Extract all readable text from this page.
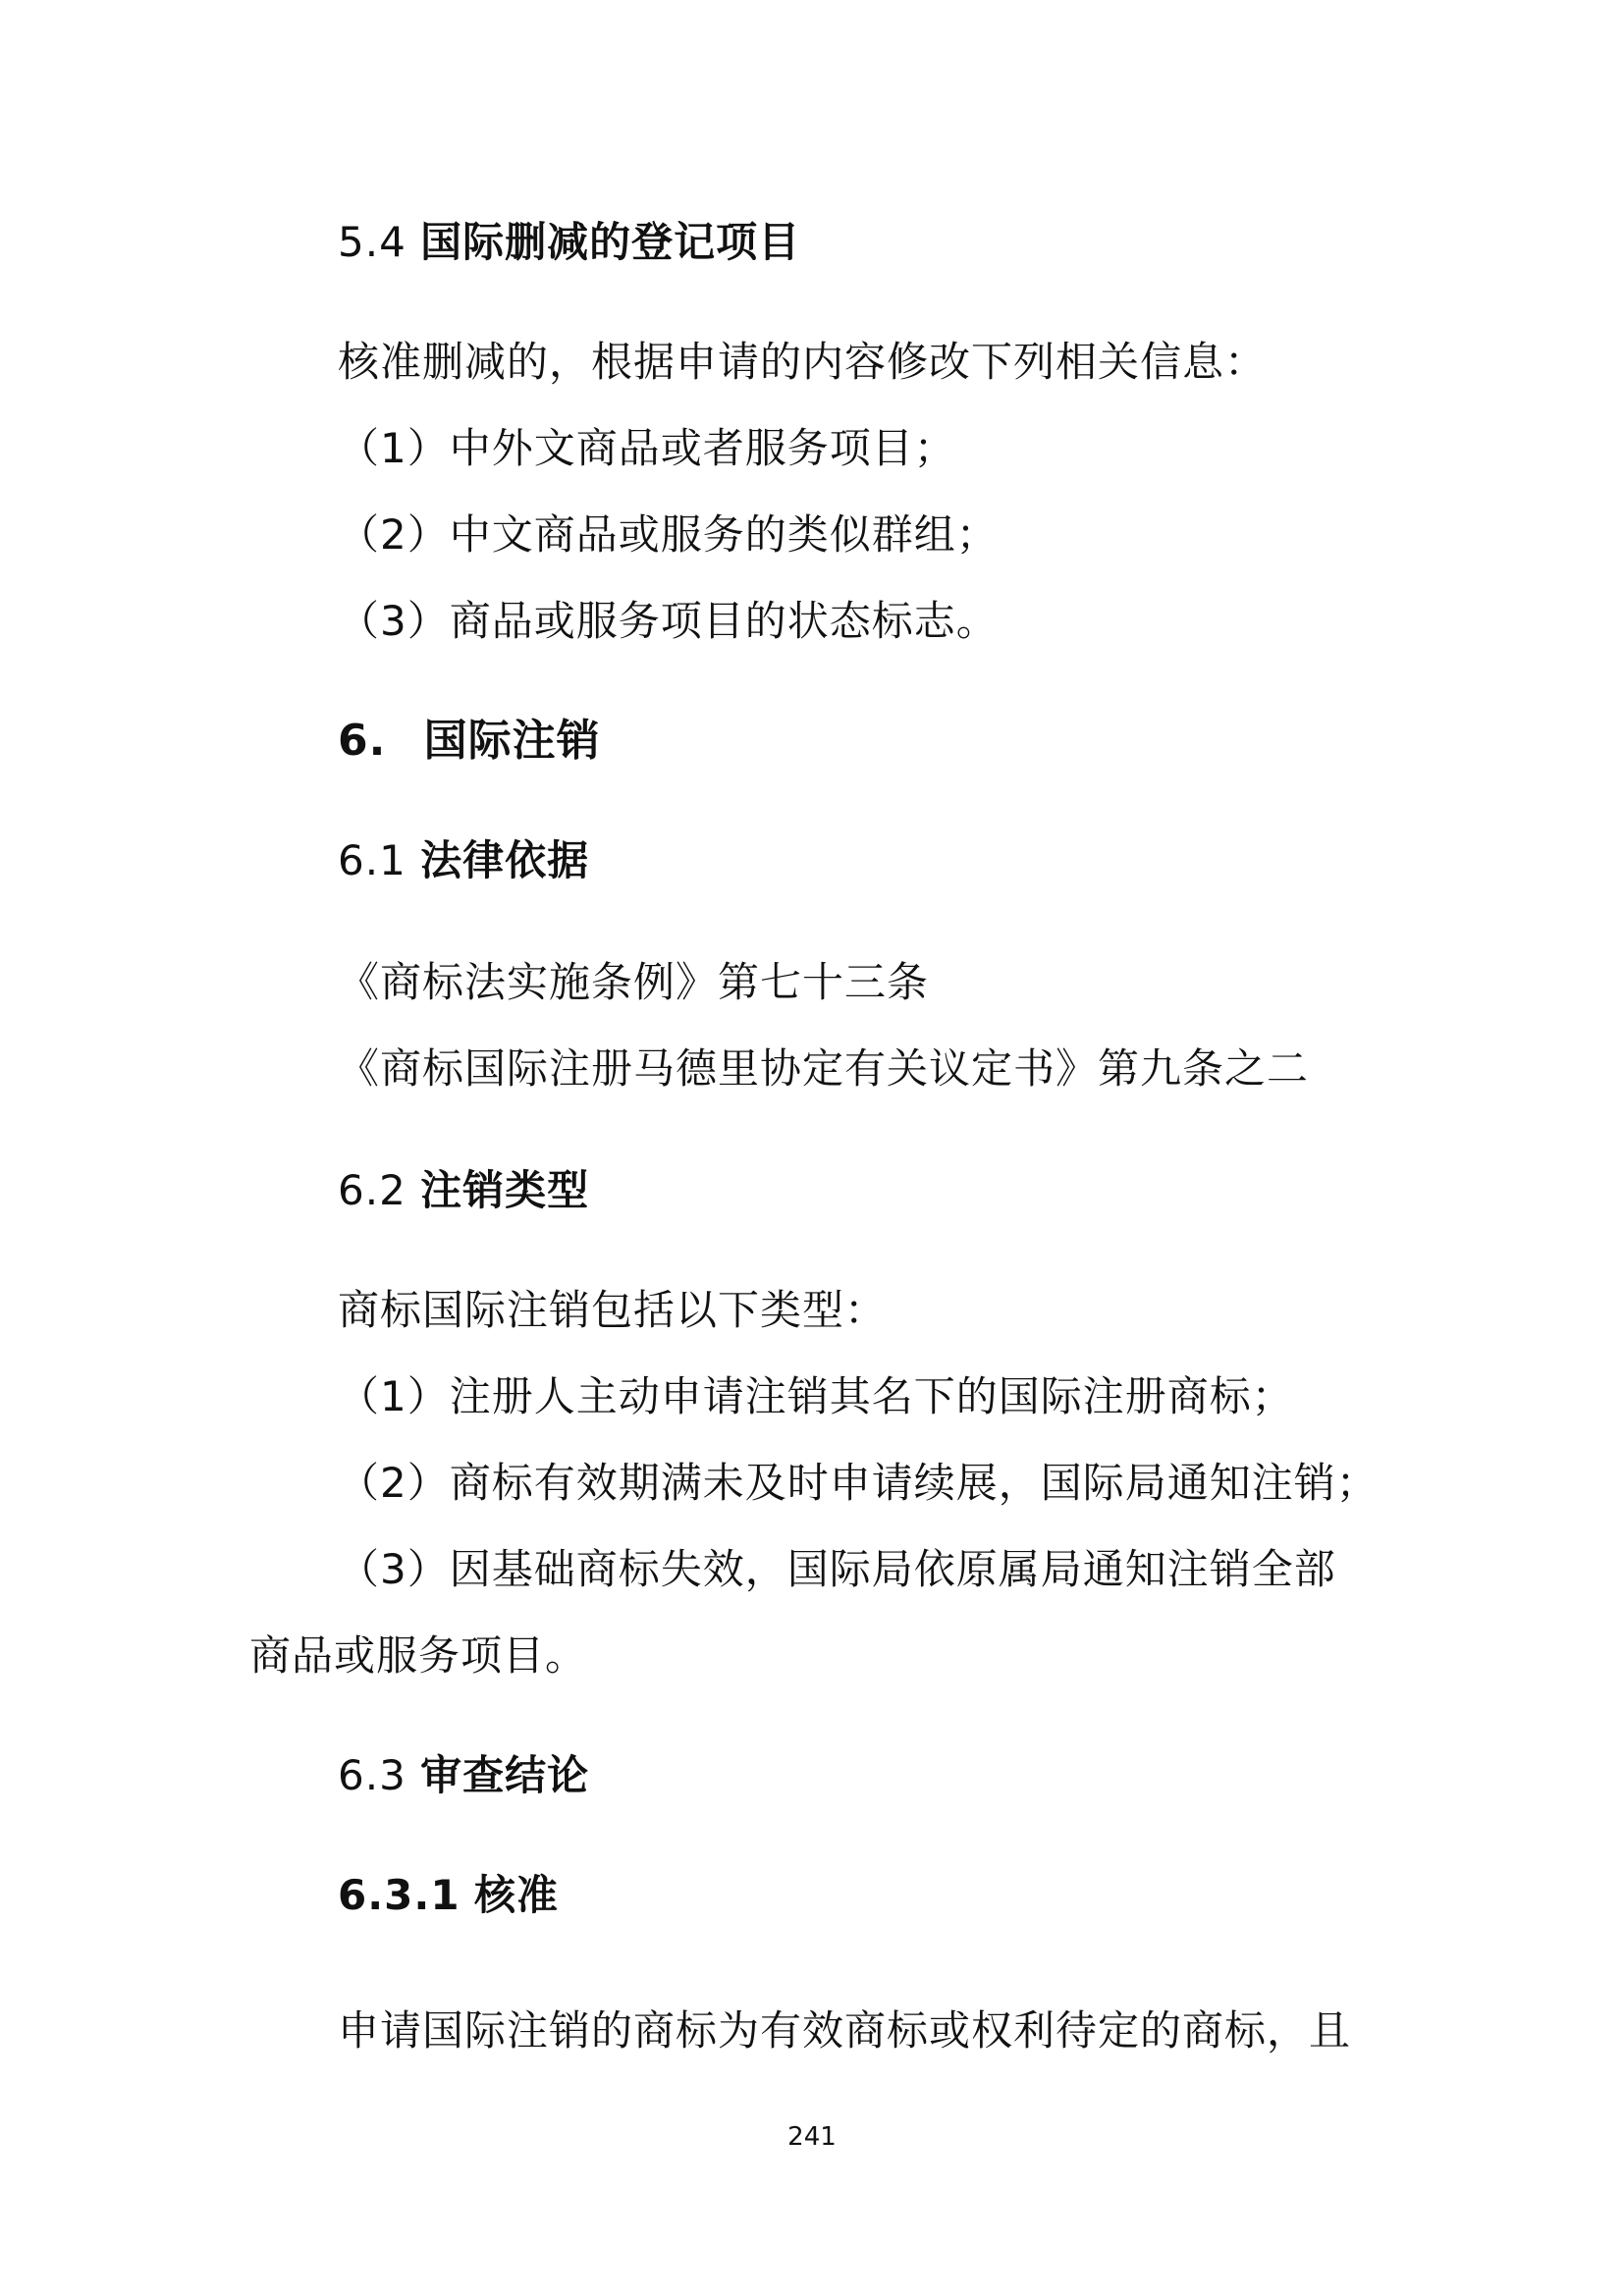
5.4 国际删减的登记项目
核准删减的，根据申请的内容修改下列相关信息：
（1）中外文商品或者服务项目；
（2）中文商品或服务的类似群组；
（3）商品或服务项目的状态标志。
6. 国际注销
6.1 法律依据
《商标法实施条例》第七十三条
《商标国际注册马德里协定有关议定书》第九条之二
6.2 注销类型
商标国际注销包括以下类型：
（1）注册人主动申请注销其名下的国际注册商标；
（2）商标有效期满未及时申请续展，国际局通知注销；
（3）因基础商标失效，国际局依原属局通知注销全部
商品或服务项目。
6.3 审查结论
6.3.1 核准
申请国际注销的商标为有效商标或权利待定的商标，且
241
